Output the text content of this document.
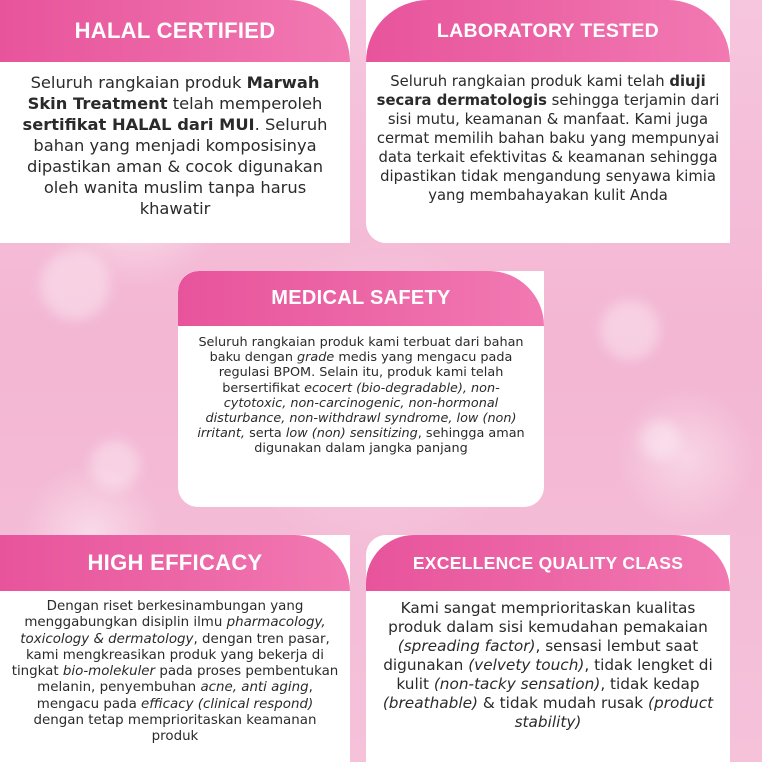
HALAL CERTIFIED
Seluruh rangkaian produk Marwah Skin Treatment telah memperoleh sertifikat HALAL dari MUI. Seluruh bahan yang menjadi komposisinya dipastikan aman & cocok digunakan oleh wanita muslim tanpa harus khawatir
LABORATORY TESTED
Seluruh rangkaian produk kami telah diuji secara dermatologis sehingga terjamin dari sisi mutu, keamanan & manfaat. Kami juga cermat memilih bahan baku yang mempunyai data terkait efektivitas & keamanan sehingga dipastikan tidak mengandung senyawa kimia yang membahayakan kulit Anda
MEDICAL SAFETY
Seluruh rangkaian produk kami terbuat dari bahan baku dengan grade medis yang mengacu pada regulasi BPOM. Selain itu, produk kami telah bersertifikat ecocert (bio-degradable), non-cytotoxic, non-carcinogenic, non-hormonal disturbance, non-withdrawl syndrome, low (non) irritant, serta low (non) sensitizing, sehingga aman digunakan dalam jangka panjang
HIGH EFFICACY
Dengan riset berkesinambungan yang menggabungkan disiplin ilmu pharmacology, toxicology & dermatology, dengan tren pasar, kami mengkreasikan produk yang bekerja di tingkat bio-molekuler pada proses pembentukan melanin, penyembuhan acne, anti aging, mengacu pada efficacy (clinical respond) dengan tetap memprioritaskan keamanan produk
EXCELLENCE QUALITY CLASS
Kami sangat memprioritaskan kualitas produk dalam sisi kemudahan pemakaian (spreading factor), sensasi lembut saat digunakan (velvety touch), tidak lengket di kulit (non-tacky sensation), tidak kedap (breathable) & tidak mudah rusak (product stability)
